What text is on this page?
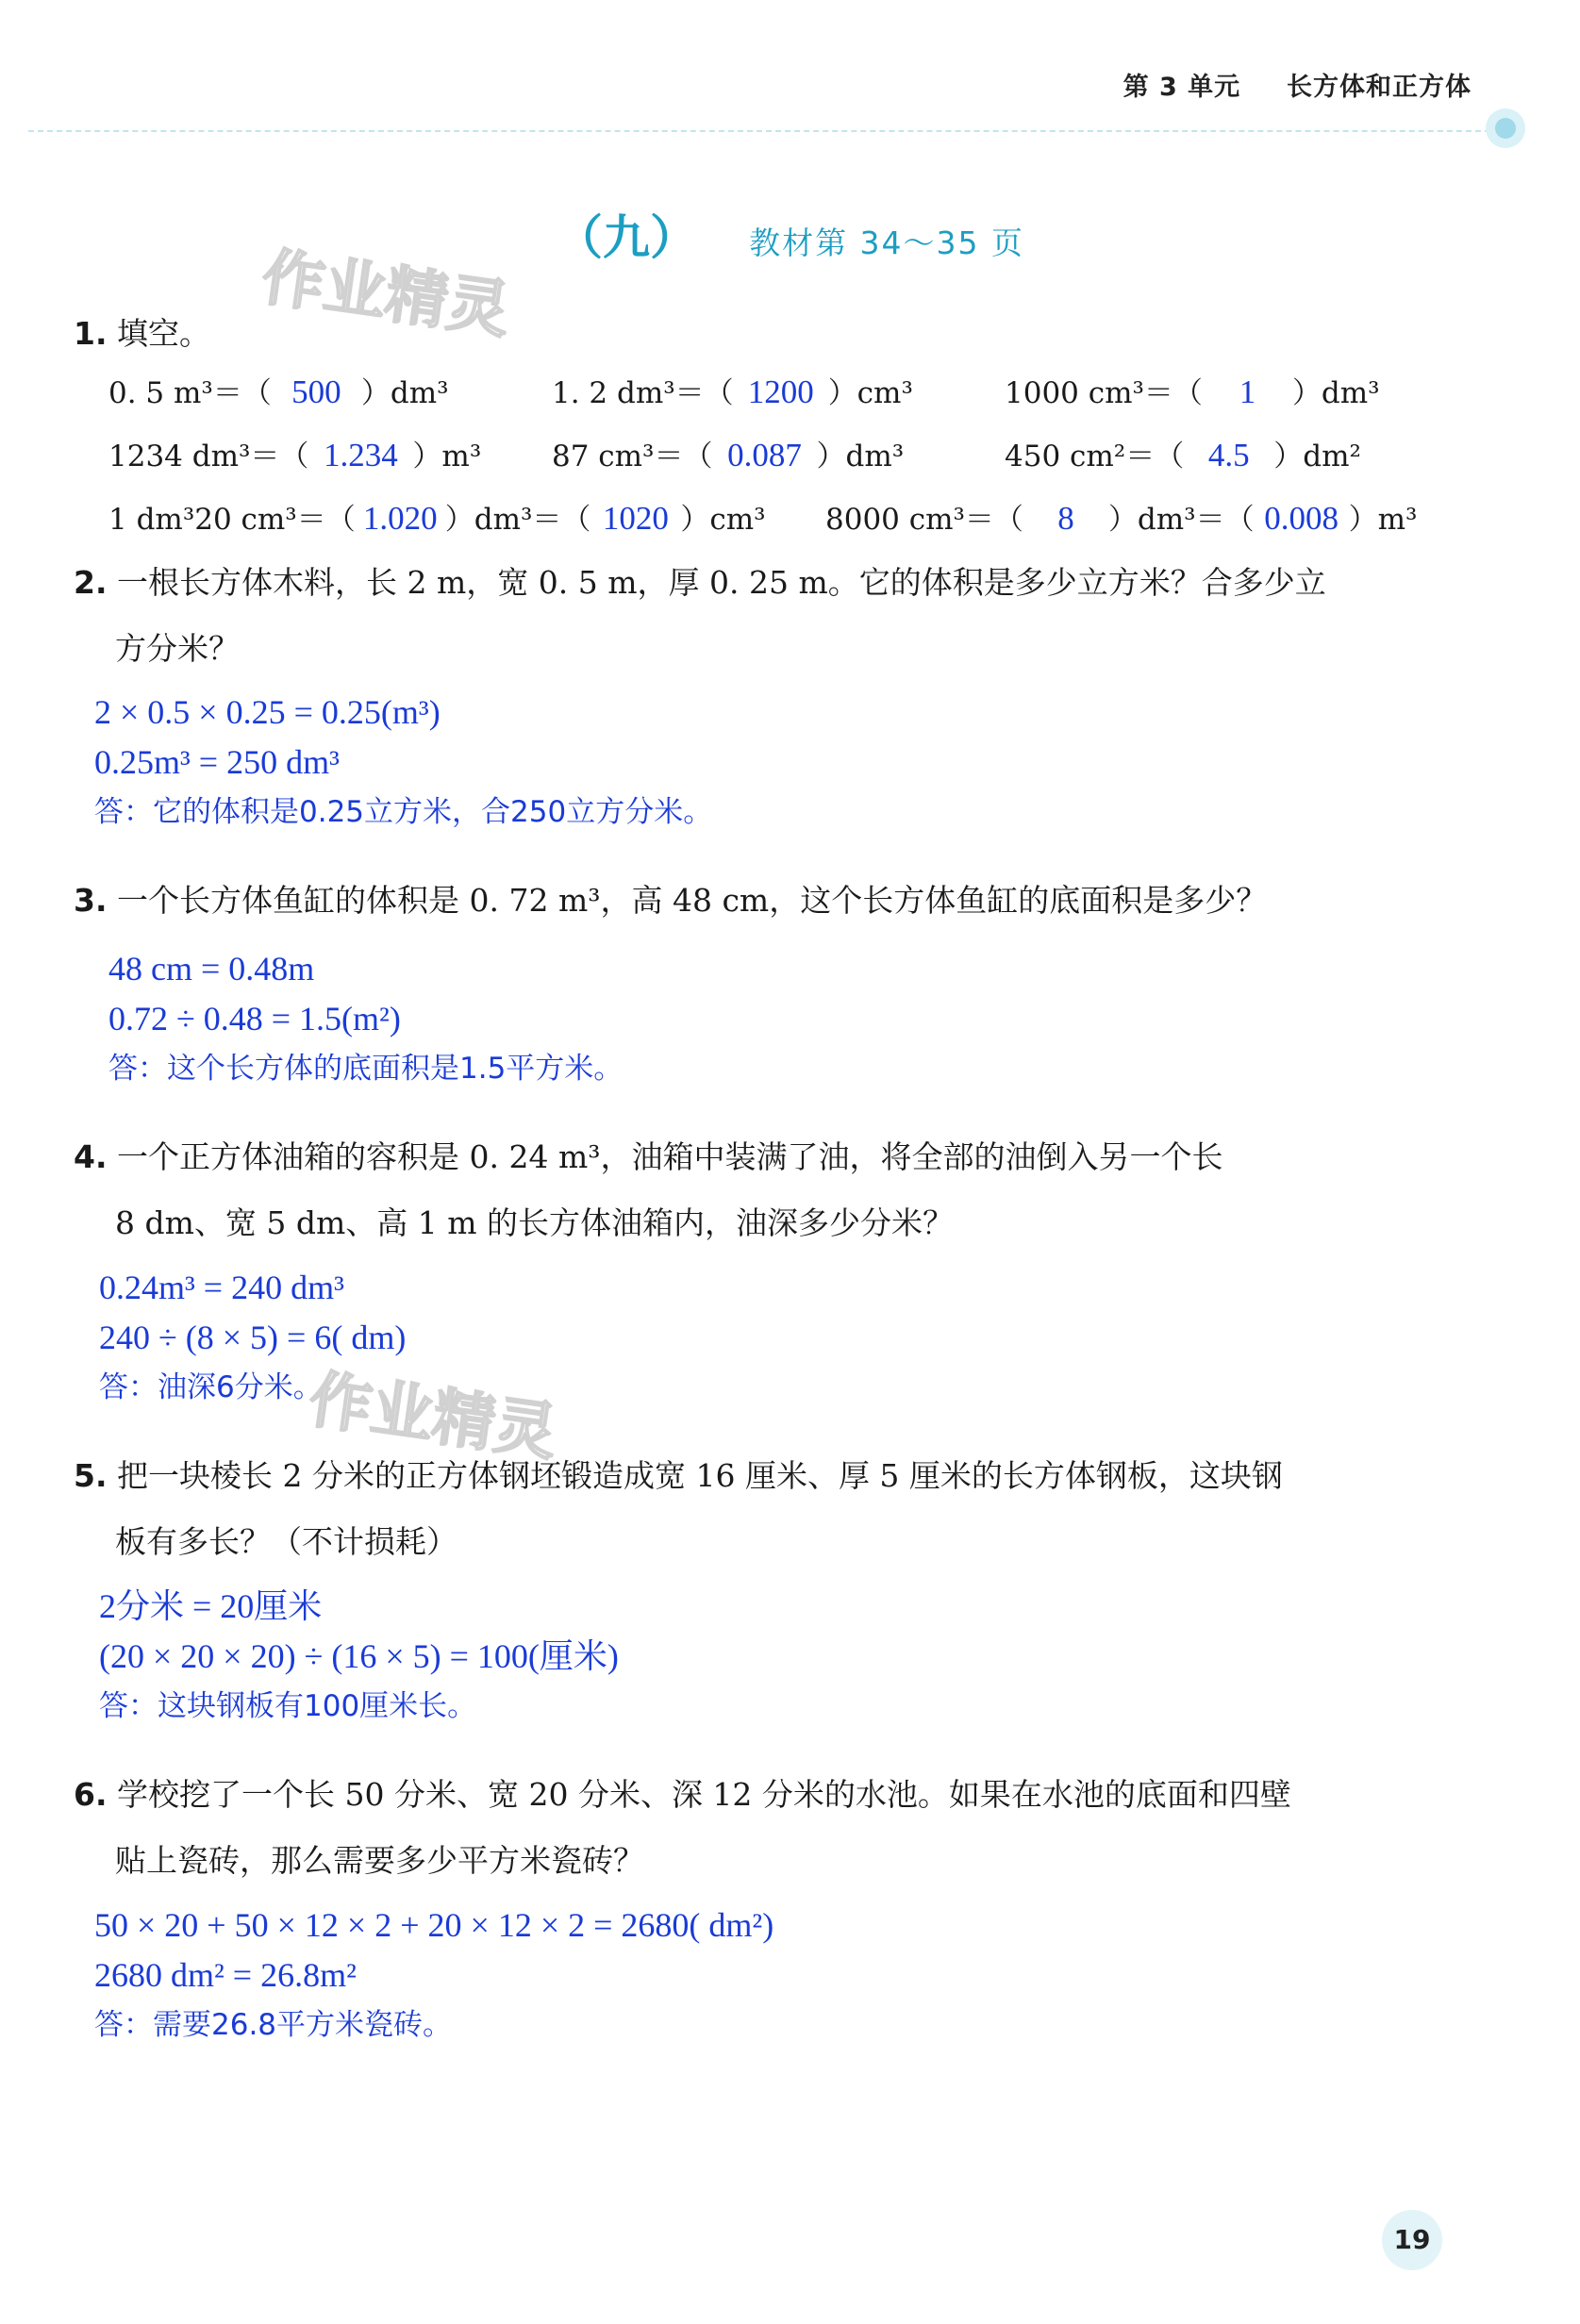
第 3 单元 长方体和正方体
（九） 教材第 34～35 页
作业精灵
作业精灵
1. 填空。
0. 5 m³＝（ 500 ）dm³	1. 2 dm³＝（ 1200 ）cm³	1000 cm³＝（ 1 ）dm³
1234 dm³＝（ 1.234 ）m³ 87 cm³＝（ 0.087 ）dm³	450 cm²＝（ 4.5 ）dm²
1 dm³20 cm³＝（ 1.020 ）dm³＝（ 1020 ）cm³ 8000 cm³＝（ 8 ）dm³＝（ 0.008 ）m³
2. 一根长方体木料，长 2 m，宽 0. 5 m，厚 0. 25 m。它的体积是多少立方米？合多少立
方分米？
2 × 0.5 × 0.25 = 0.25(m³)
0.25m³ = 250 dm³
答：它的体积是0.25立方米，合250立方分米。
3. 一个长方体鱼缸的体积是 0. 72 m³，高 48 cm，这个长方体鱼缸的底面积是多少？
48 cm = 0.48m
0.72 ÷ 0.48 = 1.5(m²)
答：这个长方体的底面积是1.5平方米。
4. 一个正方体油箱的容积是 0. 24 m³，油箱中装满了油，将全部的油倒入另一个长
8 dm、宽 5 dm、高 1 m 的长方体油箱内，油深多少分米？
0.24m³ = 240 dm³
240 ÷ (8 × 5) = 6( dm)
答：油深6分米。
5. 把一块棱长 2 分米的正方体钢坯锻造成宽 16 厘米、厚 5 厘米的长方体钢板，这块钢
板有多长？（不计损耗）
2分米 = 20厘米
(20 × 20 × 20) ÷ (16 × 5) = 100(厘米)
答：这块钢板有100厘米长。
6. 学校挖了一个长 50 分米、宽 20 分米、深 12 分米的水池。如果在水池的底面和四壁
贴上瓷砖，那么需要多少平方米瓷砖？
50 × 20 + 50 × 12 × 2 + 20 × 12 × 2 = 2680( dm²)
2680 dm² = 26.8m²
答：需要26.8平方米瓷砖。
19
